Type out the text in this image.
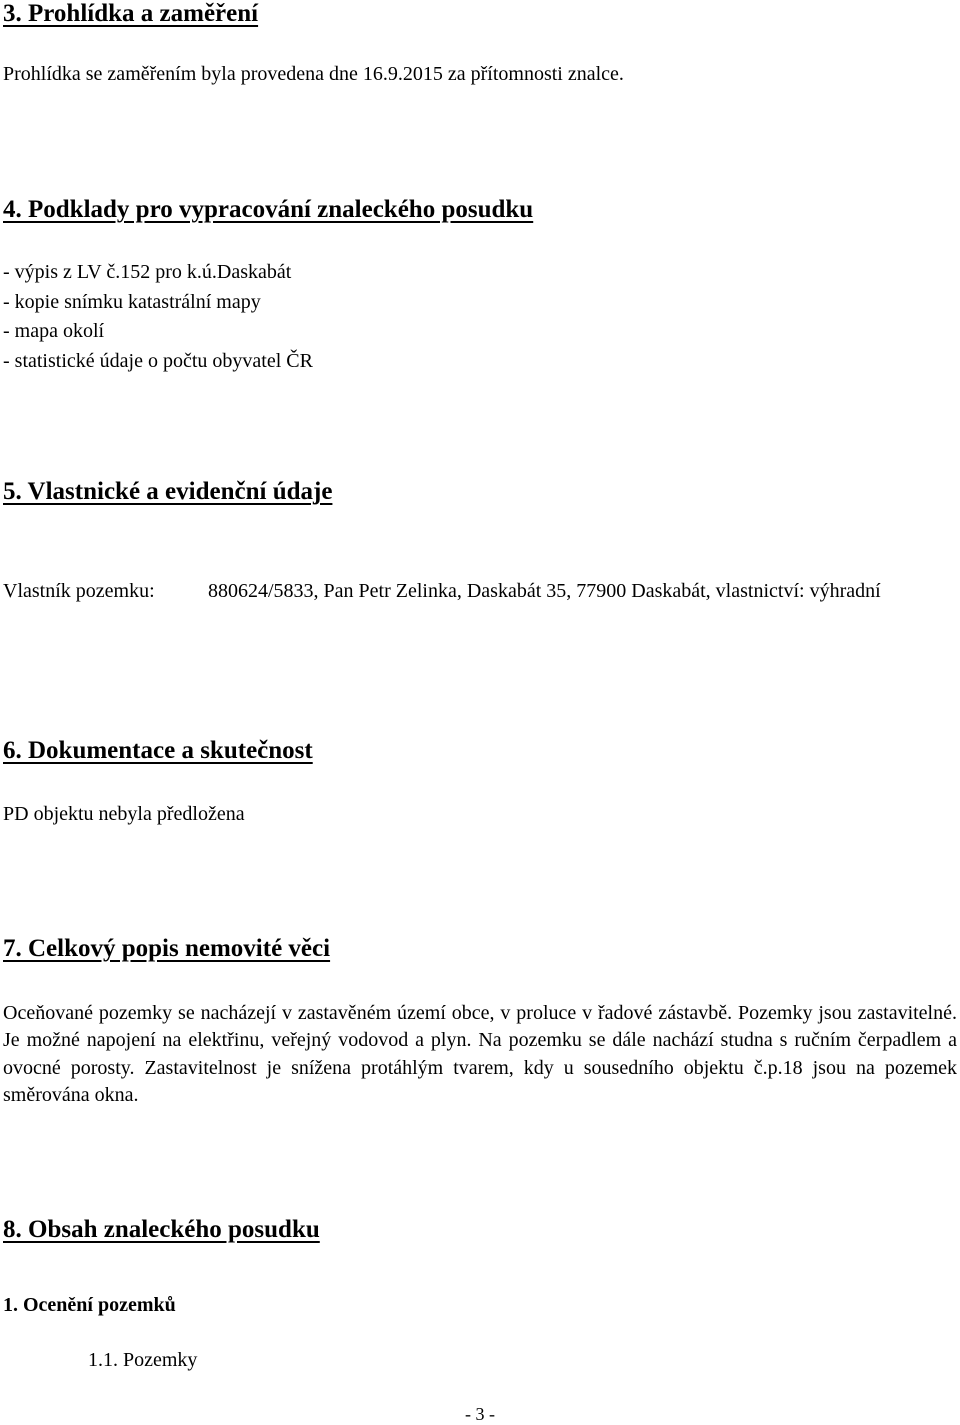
3. Prohlídka a zaměření
Prohlídka se zaměřením byla provedena dne 16.9.2015 za přítomnosti znalce.
4. Podklady pro vypracování znaleckého posudku
- výpis z LV č.152 pro k.ú.Daskabát
- kopie snímku katastrální mapy
- mapa okolí
- statistické údaje o počtu obyvatel ČR
5. Vlastnické a evidenční údaje
Vlastník pozemku:	880624/5833, Pan Petr Zelinka, Daskabát 35, 77900 Daskabát, vlastnictví: výhradní
6. Dokumentace a skutečnost
PD objektu nebyla předložena
7. Celkový popis nemovité věci
Oceňované pozemky se nacházejí v zastavěném území obce, v proluce v řadové zástavbě. Pozemky jsou zastavitelné. Je možné napojení na elektřinu, veřejný vodovod a plyn. Na pozemku se dále nachází studna s ručním čerpadlem a ovocné porosty. Zastavitelnost je snížena protáhlým tvarem, kdy u sousedního objektu č.p.18 jsou na pozemek směrována okna.
8. Obsah znaleckého posudku
1. Ocenění pozemků
1.1. Pozemky
- 3 -
